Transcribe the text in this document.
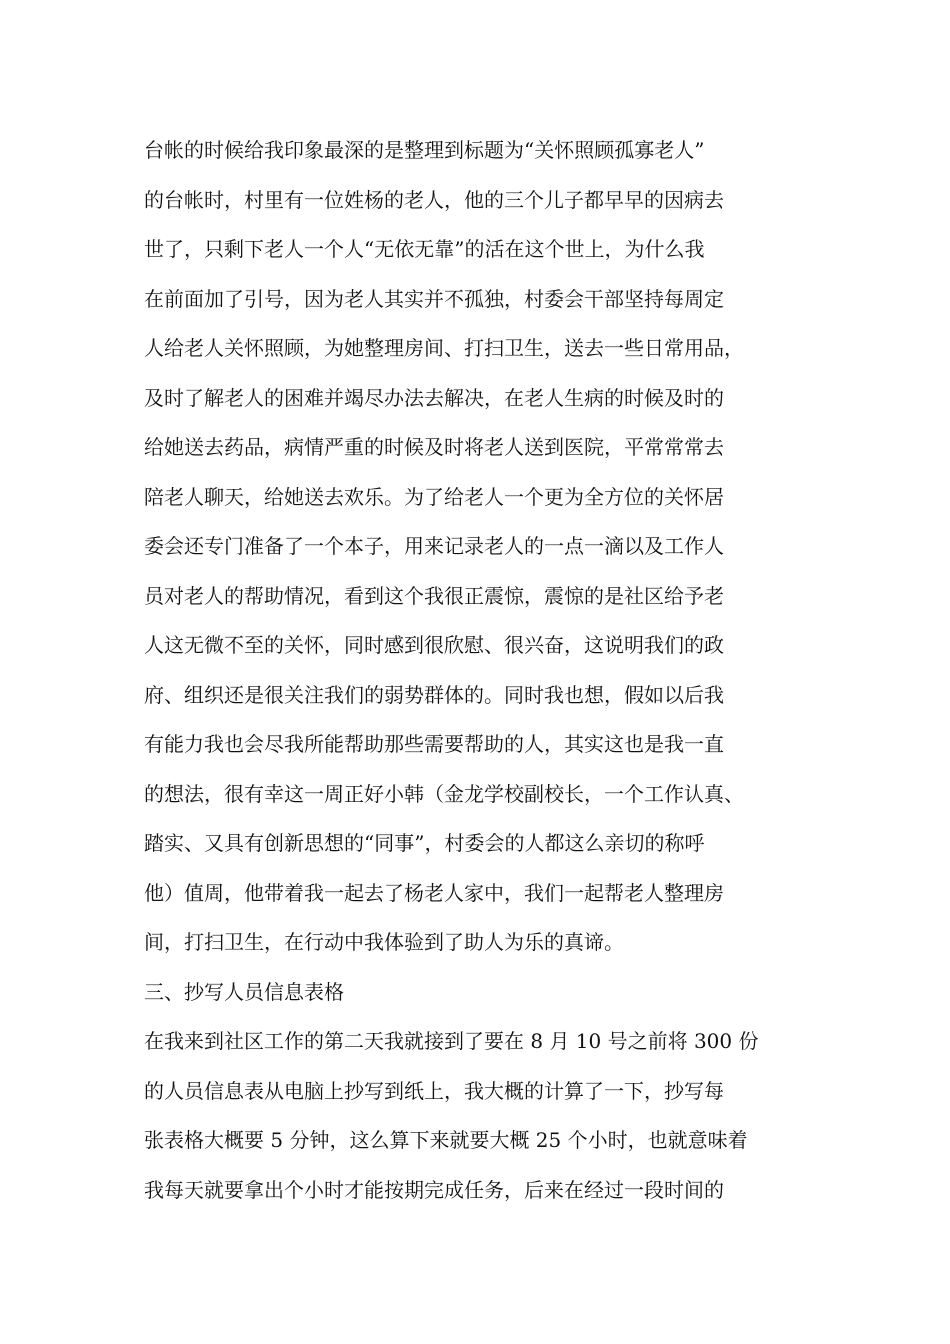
台帐的时候给我印象最深的是整理到标题为“关怀照顾孤寡老人”
的台帐时，村里有一位姓杨的老人，他的三个儿子都早早的因病去
世了，只剩下老人一个人“无依无靠”的活在这个世上，为什么我
在前面加了引号，因为老人其实并不孤独，村委会干部坚持每周定
人给老人关怀照顾，为她整理房间、打扫卫生，送去一些日常用品，
及时了解老人的困难并竭尽办法去解决，在老人生病的时候及时的
给她送去药品，病情严重的时候及时将老人送到医院，平常常常去
陪老人聊天，给她送去欢乐。为了给老人一个更为全方位的关怀居
委会还专门准备了一个本子，用来记录老人的一点一滴以及工作人
员对老人的帮助情况，看到这个我很正震惊，震惊的是社区给予老
人这无微不至的关怀，同时感到很欣慰、很兴奋，这说明我们的政
府、组织还是很关注我们的弱势群体的。同时我也想，假如以后我
有能力我也会尽我所能帮助那些需要帮助的人，其实这也是我一直
的想法，很有幸这一周正好小韩（金龙学校副校长，一个工作认真、
踏实、又具有创新思想的“同事”，村委会的人都这么亲切的称呼
他）值周，他带着我一起去了杨老人家中，我们一起帮老人整理房
间，打扫卫生，在行动中我体验到了助人为乐的真谛。
三、抄写人员信息表格
在我来到社区工作的第二天我就接到了要在 8 月 10 号之前将 300 份
的人员信息表从电脑上抄写到纸上，我大概的计算了一下，抄写每
张表格大概要 5 分钟，这么算下来就要大概 25 个小时，也就意味着
我每天就要拿出个小时才能按期完成任务，后来在经过一段时间的
